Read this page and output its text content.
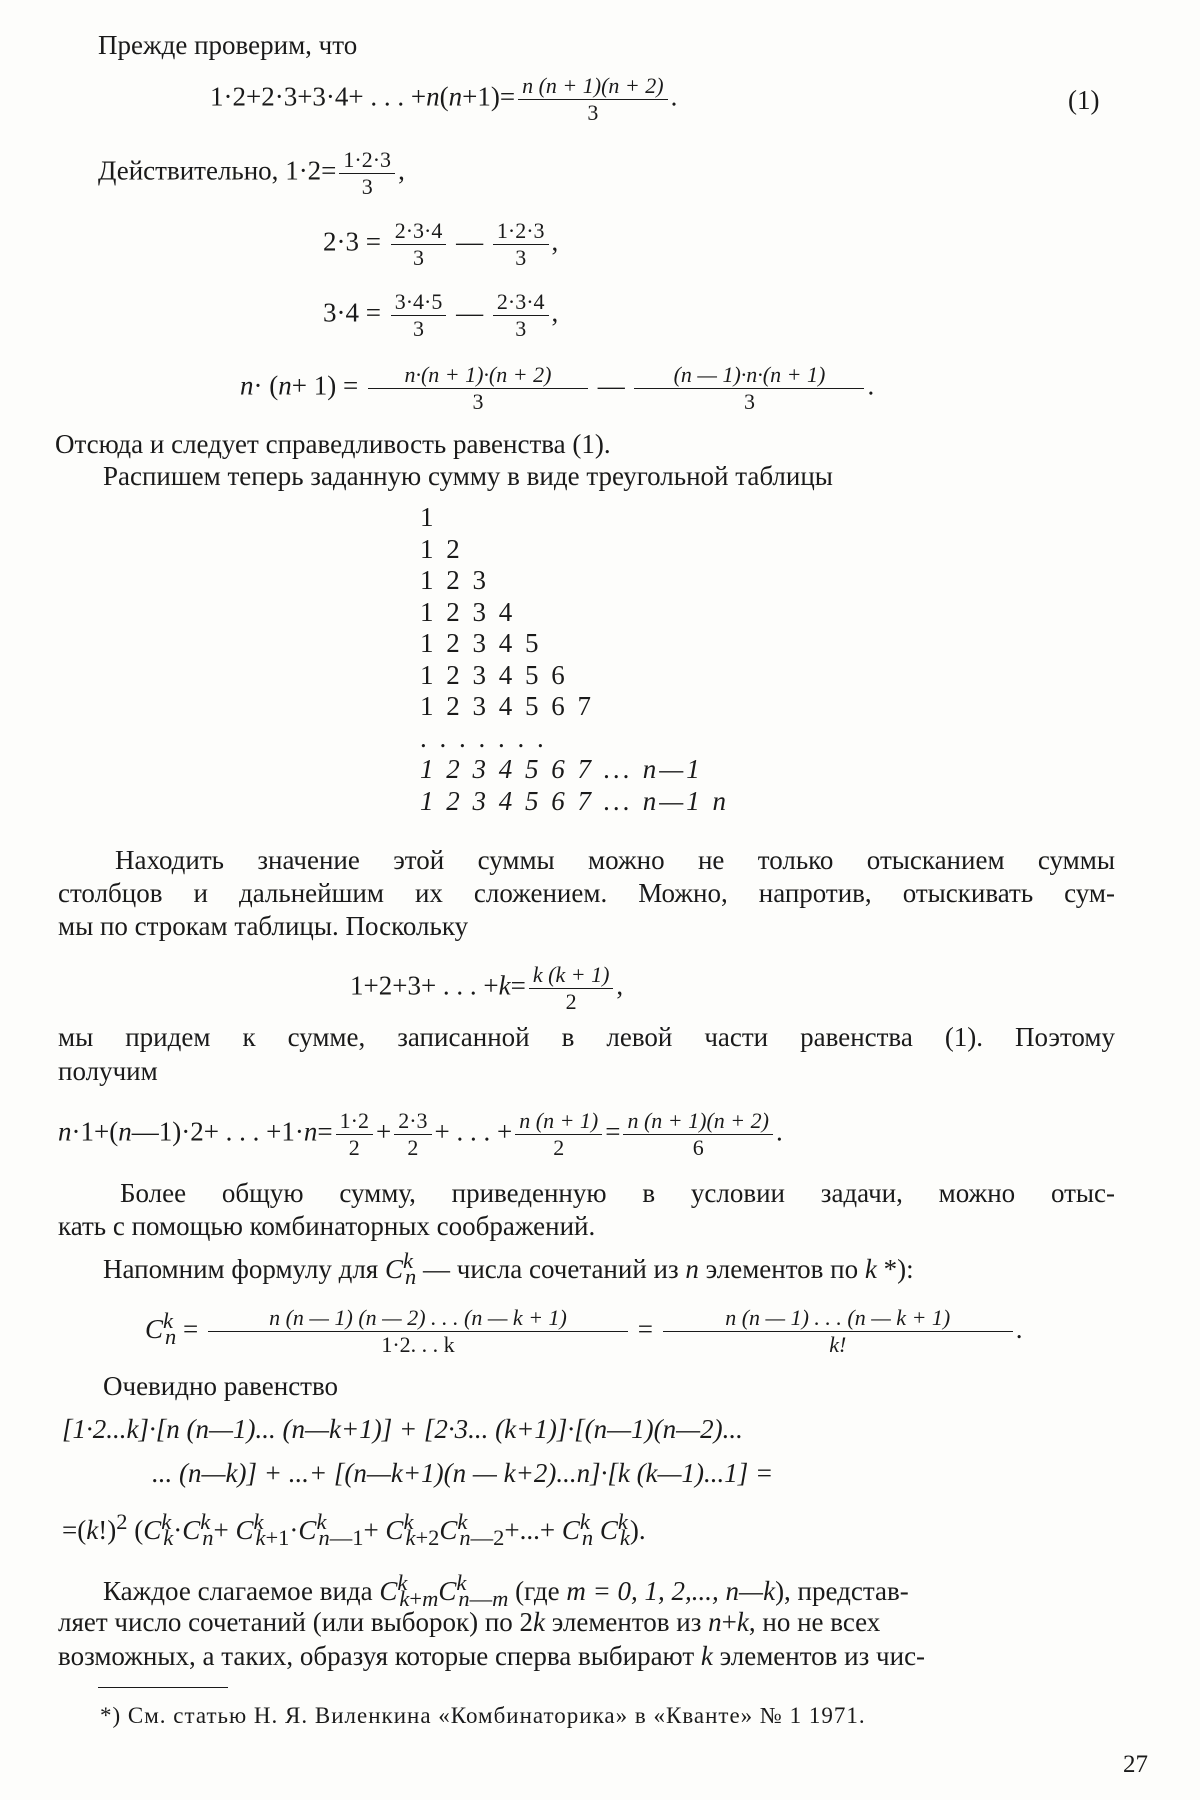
Прежде проверим, что
1·2+2·3+3·4+ . . . $+n(n+1)= \frac{n (n + 1)(n + 2)}{3}$ .	(1)
Действительно, $1\cdot 2= \frac{1\cdot 2\cdot 3}{3}$ ,
$2\cdot 3 = \frac{2\cdot 3\cdot 4}{3}$ — $\frac{1\cdot 2\cdot 3}{3}$ ,
$3\cdot 4 = \frac{3\cdot 4\cdot 5}{3}$ — $\frac{2\cdot 3\cdot 4}{3}$ ,
$n\cdot (n+ 1) = \frac{n\cdot(n + 1)\cdot(n + 2)}{3}$ — $\frac{(n — 1)\cdot n\cdot(n + 1)}{3}$ .
Отсюда и следует справедливость равенства (1).
Распишем теперь заданную сумму в виде треугольной таблицы
1
1 2
1 2 3
1 2 3 4
1 2 3 4 5
1 2 3 4 5 6
1 2 3 4 5 6 7
. . . . . . .
1 2 3 4 5 6 7 ... n—1
1 2 3 4 5 6 7 ... n—1 n
Находить значение этой суммы можно не только отысканием суммы
столбцов и дальнейшим их сложением. Можно, напротив, отыскивать сум-
мы по строкам таблицы. Поскольку
1+2+3+ . . . $+k= \frac{k (k + 1)}{2}$ ,
мы придем к сумме, записанной в левой части равенства (1). Поэтому
получим
n·1+(n—1)·2+ . . . $+1\cdot n= \frac{1\cdot 2}{2} + \frac{2\cdot 3}{2}$ + . . . + $\frac{n (n + 1)}{2} = \frac{n (n + 1)(n + 2)}{6}$ .
Более общую сумму, приведенную в условии задачи, можно отыс-
кать с помощью комбинаторных соображений.
Напомним формулу для $C^k_n$ — числа сочетаний из n элементов по k *):
$C^k_n = \frac{n (n — 1) (n — 2) . . . (n — k + 1)}{1\cdot 2. . . k} = \frac{n (n — 1) . . . (n — k + 1)}{k!}$ .
Очевидно равенство
[1·2...k]·[n (n—1)... (n—k+1)] + [2·3... (k+1)]·[(n—1)(n—2)...
... (n—k)] + ...+ [(n—k+1)(n — k+2)...n]·[k (k—1)...1] =
$=(k!)^2$ ($C^k_k\cdot C^k_n+ C^k_{k+1}\cdot C^k_{n—1}+ C^k_{k+2}C^k_{n—2}+...+ C^k_n$ $C^k_k$).
Каждое слагаемое вида $C^k_{k+m}C^k_{n—m}$ (где m = 0, 1, 2,..., n—k), представ-
ляет число сочетаний (или выборок) по 2k элементов из n+k, но не всех
возможных, а таких, образуя которые сперва выбирают k элементов из чис-
*) См. статью Н. Я. Виленкина «Комбинаторика» в «Кванте» № 1 1971.
27
